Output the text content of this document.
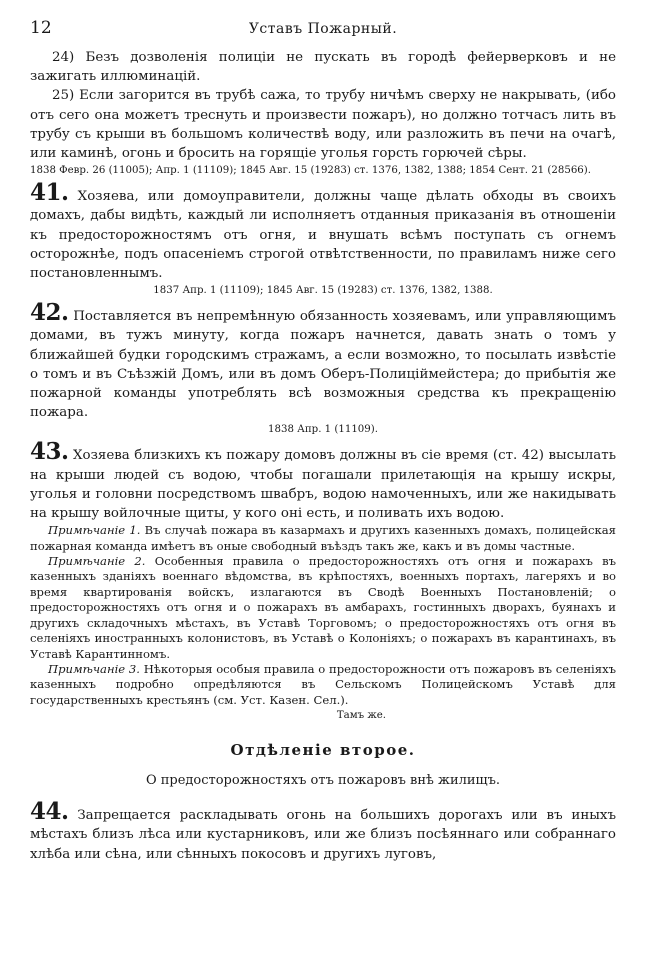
12	Уставъ Пожарный.

24) Безъ дозволенія полиціи не пускать въ городѣ фейерверковъ и не зажигать иллюминацій.

25) Если загорится въ трубѣ сажа, то трубу ничѣмъ сверху не накрывать, (ибо отъ сего она можетъ треснуть и произвести пожаръ), но должно тотчасъ лить въ трубу съ крыши въ большомъ количествѣ воду, или разложить въ печи на очагѣ, или каминѣ, огонь и бросить на горящіе уголья горсть горючей сѣры.

1838 Февр. 26 (11005); Апр. 1 (11109); 1845 Авг. 15 (19283) ст. 1376, 1382, 1388; 1854 Сент. 21 (28566).

41. Хозяева, или домоуправители, должны чаще дѣлать обходы въ своихъ домахъ, дабы видѣть, каждый ли исполняетъ отданныя приказанія въ отношеніи къ предосторожностямъ отъ огня, и внушать всѣмъ поступать съ огнемъ осторожнѣе, подъ опасеніемъ строгой отвѣтственности, по правиламъ ниже сего постановленнымъ.

1837 Апр. 1 (11109); 1845 Авг. 15 (19283) ст. 1376, 1382, 1388.

42. Поставляется въ непремѣнную обязанность хозяевамъ, или управляющимъ домами, въ тужъ минуту, когда пожаръ начнется, давать знать о томъ у ближайшей будки городскимъ стражамъ, а если возможно, то посылать извѣстіе о томъ и въ Съѣзжій Домъ, или въ домъ Оберъ-Полиціймейстера; до прибытія же пожарной команды употреблять всѣ возможныя средства къ прекращенію пожара.

1838 Апр. 1 (11109).

43. Хозяева близкихъ къ пожару домовъ должны въ сіе время (ст. 42) высылать на крыши людей съ водою, чтобы погашали прилетающія на крышу искры, уголья и головни посредствомъ швабръ, водою намоченныхъ, или же накидывать на крышу войлочные щиты, у кого оні есть, и поливать ихъ водою.

Примѣчаніе 1. Въ случаѣ пожара въ казармахъ и другихъ казенныхъ домахъ, полицейская пожарная команда имѣетъ въ оные свободный въѣздъ такъ же, какъ и въ домы частные.

Примѣчаніе 2. Особенныя правила о предосторожностяхъ отъ огня и пожарахъ въ казенныхъ зданіяхъ военнаго вѣдомства, въ крѣпостяхъ, военныхъ портахъ, лагеряхъ и во время квартированія войскъ, излагаются въ Сводѣ Военныхъ Постановленій; о предосторожностяхъ отъ огня и о пожарахъ въ амбарахъ, гостинныхъ дворахъ, буянахъ и другихъ складочныхъ мѣстахъ, въ Уставѣ Торговомъ; о предосторожностяхъ отъ огня въ селеніяхъ иностранныхъ колонистовъ, въ Уставѣ о Колоніяхъ; о пожарахъ въ карантинахъ, въ Уставѣ Карантинномъ.

Примѣчаніе 3. Нѣкоторыя особыя правила о предосторожности отъ пожаровъ въ селеніяхъ казенныхъ подробно опредѣляются въ Сельскомъ Полицейскомъ Уставѣ для государственныхъ крестьянъ (см. Уст. Казен. Сел.).

Тамъ же.

Отдѣленіе второе.

О предосторожностяхъ отъ пожаровъ внѣ жилищъ.

44. Запрещается раскладывать огонь на большихъ дорогахъ или въ иныхъ мѣстахъ близъ лѣса или кустарниковъ, или же близъ посѣяннаго или собраннаго хлѣба или сѣна, или сѣнныхъ покосовъ и другихъ луговъ,
